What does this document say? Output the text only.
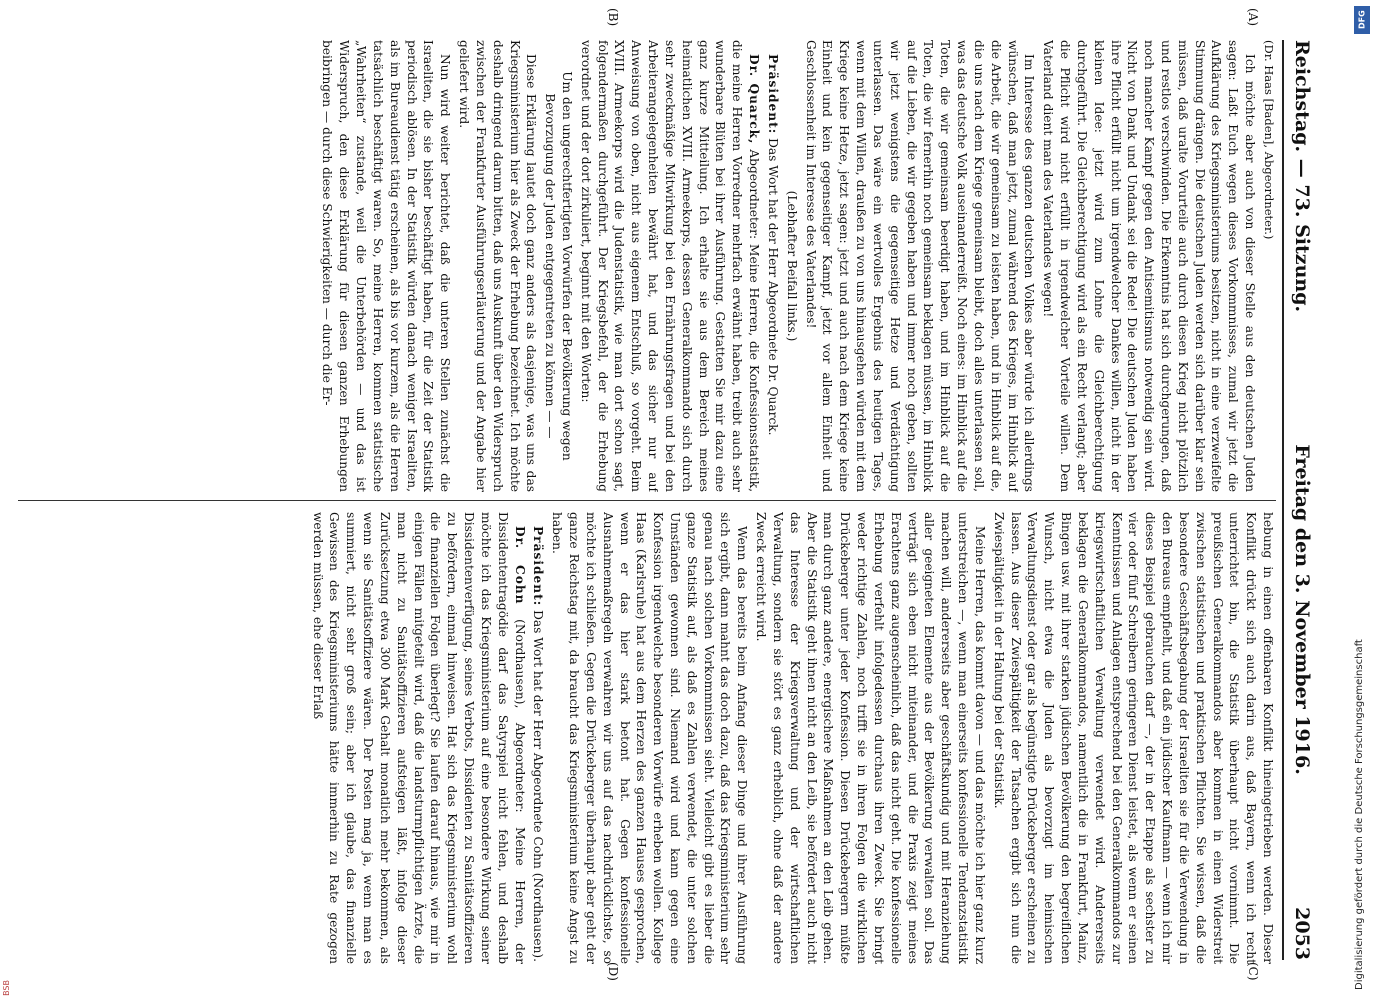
Reichstag. — 73. Sitzung.
Freitag den 3. November 1916.
2053
(A)
(B)
(C)
(D)

(Dr. Haas [Baden], Abgeordneter.)

Ich möchte aber auch von dieser Stelle aus den deutschen Juden sagen: Laßt Euch wegen dieses Vorkommnisses, zumal wir jetzt die Aufklärung des Kriegsministeriums besitzen, nicht in eine verzweifelte Stimmung drängen. Die deutschen Juden werden sich darüber klar sein müssen, daß uralte Vorurteile auch durch diesen Krieg nicht plötzlich und restlos verschwinden. Die Erkenntnis hat sich durchgerungen, daß noch mancher Kampf gegen den Antisemitismus notwendig sein wird. Nicht von Dank und Undank sei die Rede! Die deutschen Juden haben ihre Pflicht erfüllt nicht um irgendwelcher Dankes willen, nicht in der kleinen Idee: jetzt wird zum Lohne die Gleichberechtigung durchgeführt. Die Gleichberechtigung wird als ein Recht verlangt; aber die Pflicht wird nicht erfüllt in irgendwelcher Vorteile willen. Dem Vaterland dient man des Vaterlandes wegen!

Im Interesse des ganzen deutschen Volkes aber würde ich allerdings wünschen, daß man jetzt, zumal während des Krieges, im Hinblick auf die Arbeit, die wir gemeinsam zu leisten haben, und in Hinblick auf die, die uns nach dem Kriege gemeinsam bleibt, doch alles unterlassen soll, was das deutsche Volk auseinanderreißt. Noch eines: im Hinblick auf die Toten, die wir gemeinsam beerdigt haben, und im Hinblick auf die Toten, die wir fernerhin noch gemeinsam beklagen müssen, im Hinblick auf die Lieben, die wir gegeben haben und immer noch geben, sollten wir jetzt wenigstens die gegenseitige Hetze und Verdächtigung unterlassen. Das wäre ein wertvolles Ergebnis des heutigen Tages, wenn mit dem Willen, draußen zu von uns hinausgehen würden mit dem Kriege keine Hetze, jetzt sagen: jetzt und auch nach dem Kriege keine Einheit und kein gegenseitiger Kampf, jetzt vor allem Einheit und Geschlossenheit im Interesse des Vaterlandes!

(Lebhafter Beifall links.)

Präsident: Das Wort hat der Herr Abgeordnete Dr. Quarck.

Dr. Quarck, Abgeordneter: Meine Herren, die Konfessionsstatistik, die meine Herren Vorredner mehrfach erwähnt haben, treibt auch sehr wunderbare Blüten bei ihrer Ausführung. Gestatten Sie mir dazu eine ganz kurze Mitteilung. Ich erhalte sie aus dem Bereich meines heimatlichen XVIII. Armeekorps, dessen Generalkommando sich durch sehr zweckmäßige Mitwirkung bei den Ernährungsfragen und bei den Arbeiterangelegenheiten bewährt hat, und das sicher nur auf Anweisung von oben, nicht aus eigenem Entschluß, so vorgeht. Beim XVIII. Armeekorps wird die Judenstatistik, wie man dort schon sagt, folgendermaßen durchgeführt. Der Kriegsbefehl, der die Erhebung verordnet und der dort zirkuliert, beginnt mit den Worten:

Um den ungerechtfertigten Vorwürfen der Bevölkerung wegen Bevorzugung der Juden entgegentreten zu können — —

Diese Erklärung lautet doch ganz anders als dasjenige, was uns das Kriegsministerium hier als Zweck der Erhebung bezeichnet. Ich möchte deshalb dringend darum bitten, daß uns Auskunft über den Widerspruch zwischen der Frankfurter Ausführungserläuterung und der Angabe hier geliefert wird.

Nun wird weiter berichtet, daß die unteren Stellen zunächst die Israeliten, die sie bisher beschäftigt haben, für die Zeit der Statistik periodisch ablösen. In der Statistik würden danach weniger Israeliten, als im Bureaudienst tätig erscheinen, als bis vor kurzem, als die Herren tatsächlich beschäftigt waren. So, meine Herren, kommen statistische „Wahrheiten“ zustande, weil die Unterbehörden — und das ist Widerspruch, den diese Erklärung für diesen ganzen Erhebungen beibringen — durch diese Schwierigkeiten — durch die Er-

hebung in einen offenbaren Konflikt hineingetrieben werden. Dieser Konflikt drückt sich auch darin aus, daß Bayern, wenn ich recht unterrichtet bin, die Statistik überhaupt nicht vornimmt. Die preußischen Generalkommandos aber kommen in einen Widerstreit zwischen statistischen und praktischen Pflichten. Sie wissen, daß die besondere Geschäftsbegabung der Israeliten sie für die Verwendung in den Bureaus empfiehlt, und daß ein jüdischer Kaufmann — wenn ich mir dieses Beispiel gebrauchen darf —, der in der Etappe als sechster zu vier oder fünf Schreibern geringeren Dienst leistet, als wenn er seinen Kenntnissen und Anlagen entsprechend bei den Generalkommandos zur kriegswirtschaftlichen Verwaltung verwendet wird. Andererseits beklagen die Generalkommandos, namentlich die in Frankfurt, Mainz, Bingen usw. mit ihrer starken jüdischen Bevölkerung den begreiflichen Wunsch, nicht etwa die Juden als bevorzugt im heimischen Verwaltungsdienst oder gar als begünstigte Drückeberger erscheinen zu lassen. Aus dieser Zwiespältigkeit der Tatsachen ergibt sich nun die Zwiespältigkeit in der Haltung bei der Statistik.

Meine Herren, das kommt davon — und das möchte ich hier ganz kurz unterstreichen —, wenn man einerseits konfessionelle Tendenzstatistik machen will, andererseits aber geschäftskundig und mit Heranziehung aller geeigneten Elemente aus der Bevölkerung verwalten soll. Das verträgt sich eben nicht miteinander, und die Praxis zeigt meines Erachtens ganz augenscheinlich, daß das nicht geht. Die konfessionelle Erhebung verfehlt infolgedessen durchaus ihren Zweck. Sie bringt weder richtige Zahlen, noch trifft sie in ihren Folgen die wirklichen Drückeberger unter jeder Konfession. Diesen Drückebergern müßte man durch ganz andere, energischere Maßnahmen an den Leib gehen. Aber die Statistik geht ihnen nicht an den Leib, sie befördert auch nicht das Interesse der Kriegsverwaltung und der wirtschaftlichen Verwaltung, sondern sie stört es ganz erheblich, ohne daß der andere Zweck erreicht wird.

Wenn das bereits beim Anfang dieser Dinge und ihrer Ausführung sich ergibt, dann mahnt das doch dazu, daß das Kriegsministerium sehr genau nach solchen Vorkommnissen sieht. Vielleicht gibt es lieber die ganze Statistik auf, als daß es Zahlen verwendet, die unter solchen Umständen gewonnen sind. Niemand wird und kann gegen eine Konfession irgendwelche besonderen Vorwürfe erheben wollen. Kollege Haas (Karlsruhe) hat aus dem Herzen des ganzen Hauses gesprochen, wenn er das hier stark betont hat. Gegen konfessionelle Ausnahmemaßregeln verwahren wir uns auf das nachdrücklichste, so möchte ich schließen. Gegen die Drückeberger überhaupt aber geht der ganze Reichstag mit, da braucht das Kriegsministerium keine Angst zu haben.

Präsident: Das Wort hat der Herr Abgeordnete Cohn (Nordhausen).

Dr. Cohn (Nordhausen), Abgeordneter: Meine Herren, der Dissidententragödie darf das Satyrspiel nicht fehlen, und deshalb möchte ich das Kriegsministerium auf eine besondere Wirkung seiner Dissidentenverfügung, seines Verbots, Dissidenten zu Sanitätsoffizieren zu befördern, einmal hinweisen. Hat sich das Kriegsministerium wohl die finanziellen Folgen überlegt? Sie laufen darauf hinaus, wie mir in einigen Fällen mitgeteilt wird, daß die landsturmpflichtigen Ärzte, die man nicht zu Sanitätsoffizieren aufsteigen läßt, infolge dieser Zurücksetzung etwa 300 Mark Gehalt monatlich mehr bekommen, als wenn sie Sanitätsoffiziere wären. Der Posten mag ja, wenn man es summiert, nicht sehr groß sein; aber ich glaube, das finanzielle Gewissen des Kriegsministeriums hätte immerhin zu Rate gezogen werden müssen, ehe dieser Erlaß

Digitalisierung gefördert durch die Deutsche Forschungsgemeinschaft
DFG
BSB
